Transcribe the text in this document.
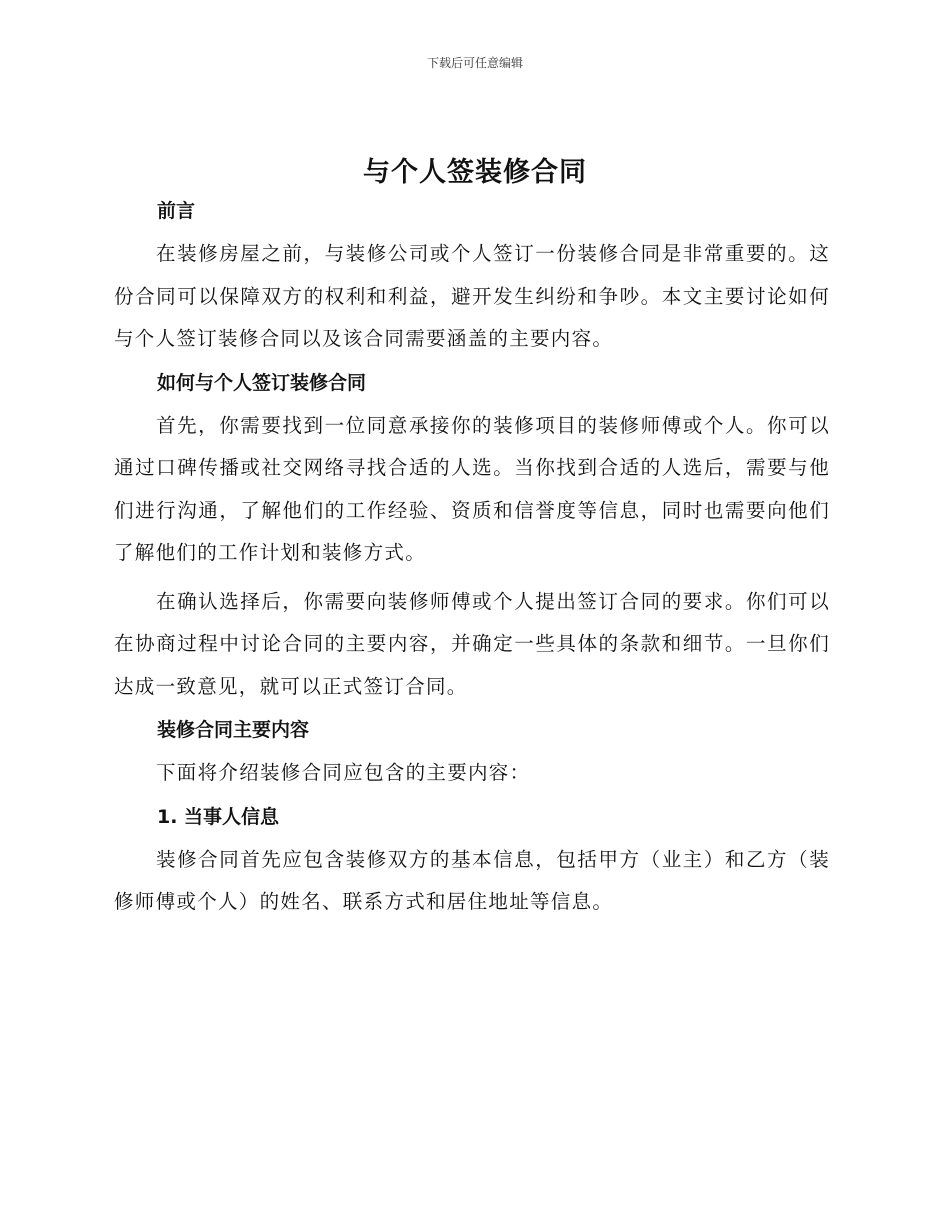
下载后可任意编辑
与个人签装修合同
前言

在装修房屋之前，与装修公司或个人签订一份装修合同是非常重要的。这份合同可以保障双方的权利和利益，避开发生纠纷和争吵。本文主要讨论如何与个人签订装修合同以及该合同需要涵盖的主要内容。

如何与个人签订装修合同

首先，你需要找到一位同意承接你的装修项目的装修师傅或个人。你可以通过口碑传播或社交网络寻找合适的人选。当你找到合适的人选后，需要与他们进行沟通，了解他们的工作经验、资质和信誉度等信息，同时也需要向他们了解他们的工作计划和装修方式。

在确认选择后，你需要向装修师傅或个人提出签订合同的要求。你们可以在协商过程中讨论合同的主要内容，并确定一些具体的条款和细节。一旦你们达成一致意见，就可以正式签订合同。

装修合同主要内容

下面将介绍装修合同应包含的主要内容：

1. 当事人信息

装修合同首先应包含装修双方的基本信息，包括甲方（业主）和乙方（装修师傅或个人）的姓名、联系方式和居住地址等信息。
